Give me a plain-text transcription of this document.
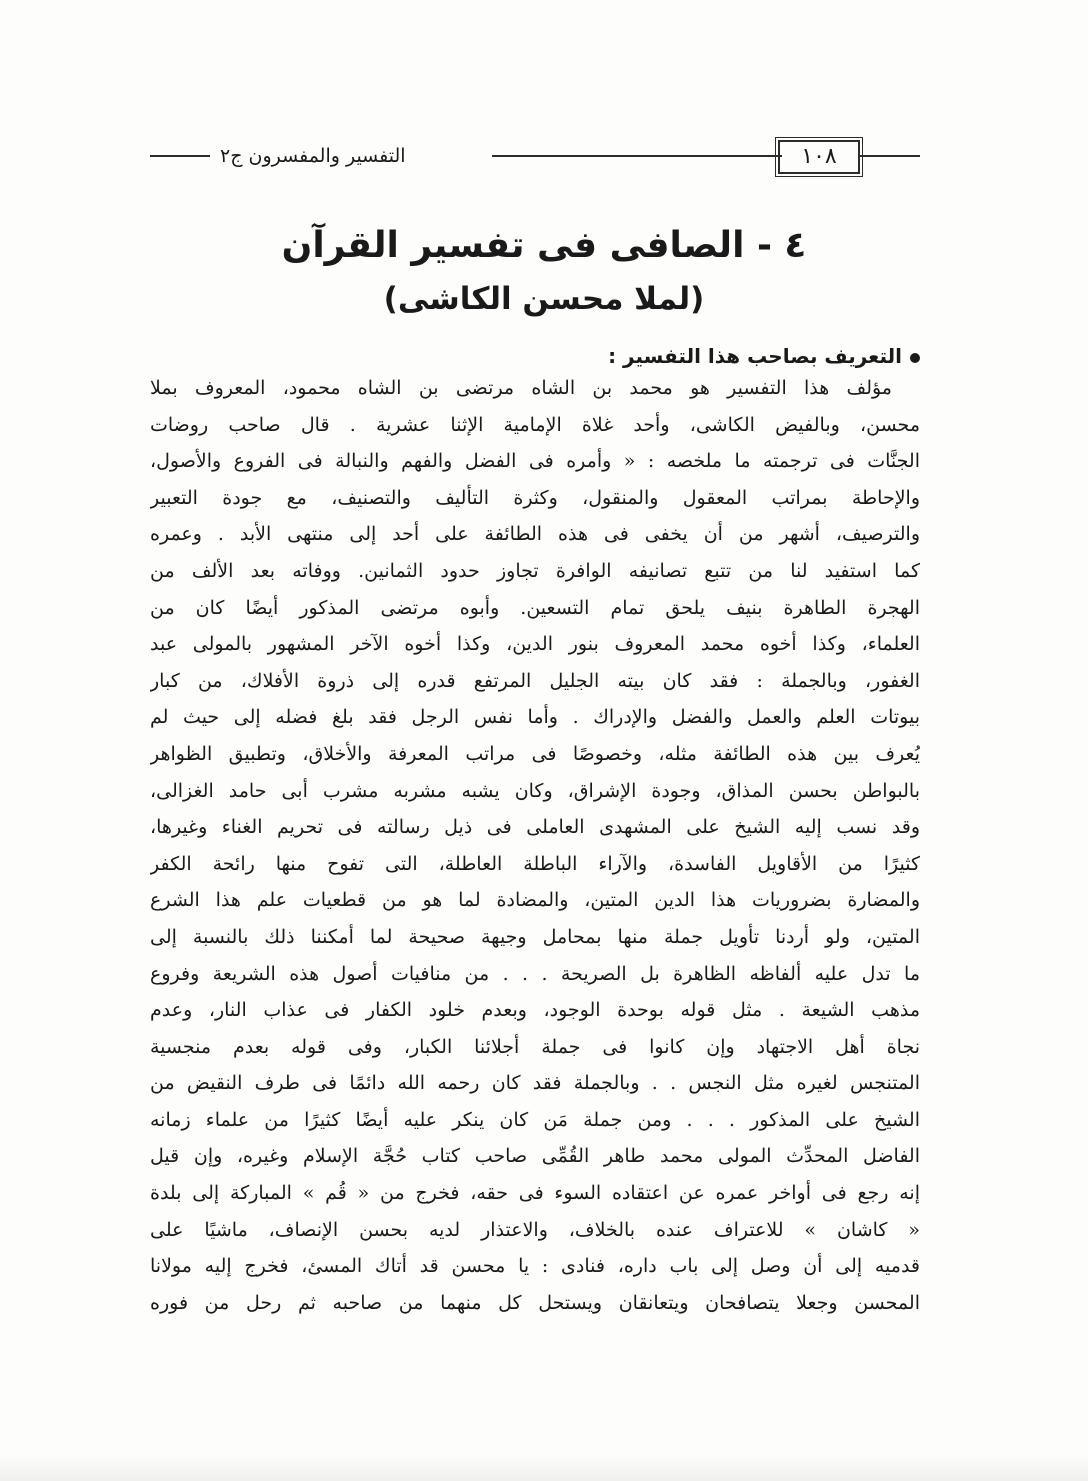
١٠٨
التفسير والمفسرون ج٢
٤ - الصافى فى تفسير القرآن
(لملا محسن الكاشى)
التعريف بصاحب هذا التفسير :
مؤلف هذا التفسير هو محمد بن الشاه مرتضى بن الشاه محمود، المعروف بملا
محسن، وبالفيض الكاشى، وأحد غلاة الإمامية الإثنا عشرية . قال صاحب روضات
الجنَّات فى ترجمته ما ملخصه : « وأمره فى الفضل والفهم والنبالة فى الفروع والأصول،
والإحاطة بمراتب المعقول والمنقول، وكثرة التأليف والتصنيف، مع جودة التعبير
والترصيف، أشهر من أن يخفى فى هذه الطائفة على أحد إلى منتهى الأبد . وعمره
كما استفيد لنا من تتبع تصانيفه الوافرة تجاوز حدود الثمانين. ووفاته بعد الألف من
الهجرة الطاهرة بنيف يلحق تمام التسعين. وأبوه مرتضى المذكور أيضًا كان من
العلماء، وكذا أخوه محمد المعروف بنور الدين، وكذا أخوه الآخر المشهور بالمولى عبد
الغفور، وبالجملة : فقد كان بيته الجليل المرتفع قدره إلى ذروة الأفلاك، من كبار
بيوتات العلم والعمل والفضل والإدراك . وأما نفس الرجل فقد بلغ فضله إلى حيث لم
يُعرف بين هذه الطائفة مثله، وخصوصًا فى مراتب المعرفة والأخلاق، وتطبيق الظواهر
بالبواطن بحسن المذاق، وجودة الإشراق، وكان يشبه مشربه مشرب أبى حامد الغزالى،
وقد نسب إليه الشيخ على المشهدى العاملى فى ذيل رسالته فى تحريم الغناء وغيرها،
كثيرًا من الأقاويل الفاسدة، والآراء الباطلة العاطلة، التى تفوح منها رائحة الكفر
والمضارة بضروريات هذا الدين المتين، والمضادة لما هو من قطعيات علم هذا الشرع
المتين، ولو أردنا تأويل جملة منها بمحامل وجيهة صحيحة لما أمكننا ذلك بالنسبة إلى
ما تدل عليه ألفاظه الظاهرة بل الصريحة . . . من منافيات أصول هذه الشريعة وفروع
مذهب الشيعة . مثل قوله بوحدة الوجود، وبعدم خلود الكفار فى عذاب النار، وعدم
نجاة أهل الاجتهاد وإن كانوا فى جملة أجلائنا الكبار، وفى قوله بعدم منجسية
المتنجس لغيره مثل النجس . . وبالجملة فقد كان رحمه الله دائمًا فى طرف النقيض من
الشيخ على المذكور . . . ومن جملة مَن كان ينكر عليه أيضًا كثيرًا من علماء زمانه
الفاضل المحدِّث المولى محمد طاهر القُمِّى صاحب كتاب حُجَّة الإسلام وغيره، وإن قيل
إنه رجع فى أواخر عمره عن اعتقاده السوء فى حقه، فخرج من « قُم » المباركة إلى بلدة
« كاشان » للاعتراف عنده بالخلاف، والاعتذار لديه بحسن الإنصاف، ماشيًا على
قدميه إلى أن وصل إلى باب داره، فنادى : يا محسن قد أتاك المسئ، فخرج إليه مولانا
المحسن وجعلا يتصافحان ويتعانقان ويستحل كل منهما من صاحبه ثم رحل من فوره
